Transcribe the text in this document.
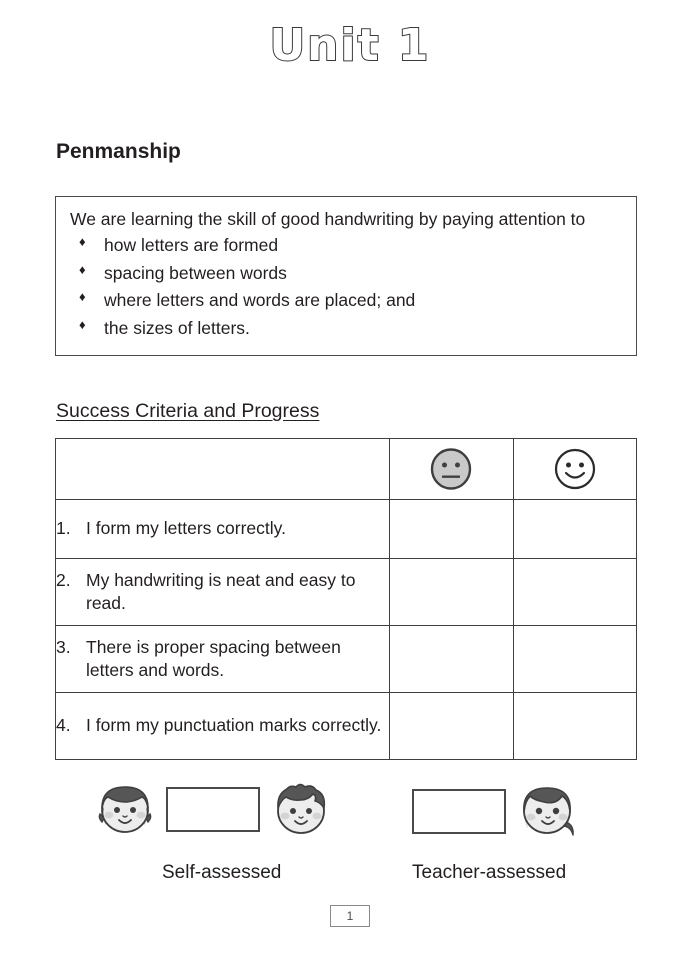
Unit 1
Penmanship

We are learning the skill of good handwriting by paying attention to

♦ how letters are formed
♦ spacing between words
♦ where letters and words are placed; and
♦ the sizes of letters.
Success Criteria and Progress

1. I form my letters correctly.		

2. My handwriting is neat and easy to read.		

3. There is proper spacing between letters and words.		

4. I form my punctuation marks correctly.		

Self-assessed	Teacher-assessed
1
